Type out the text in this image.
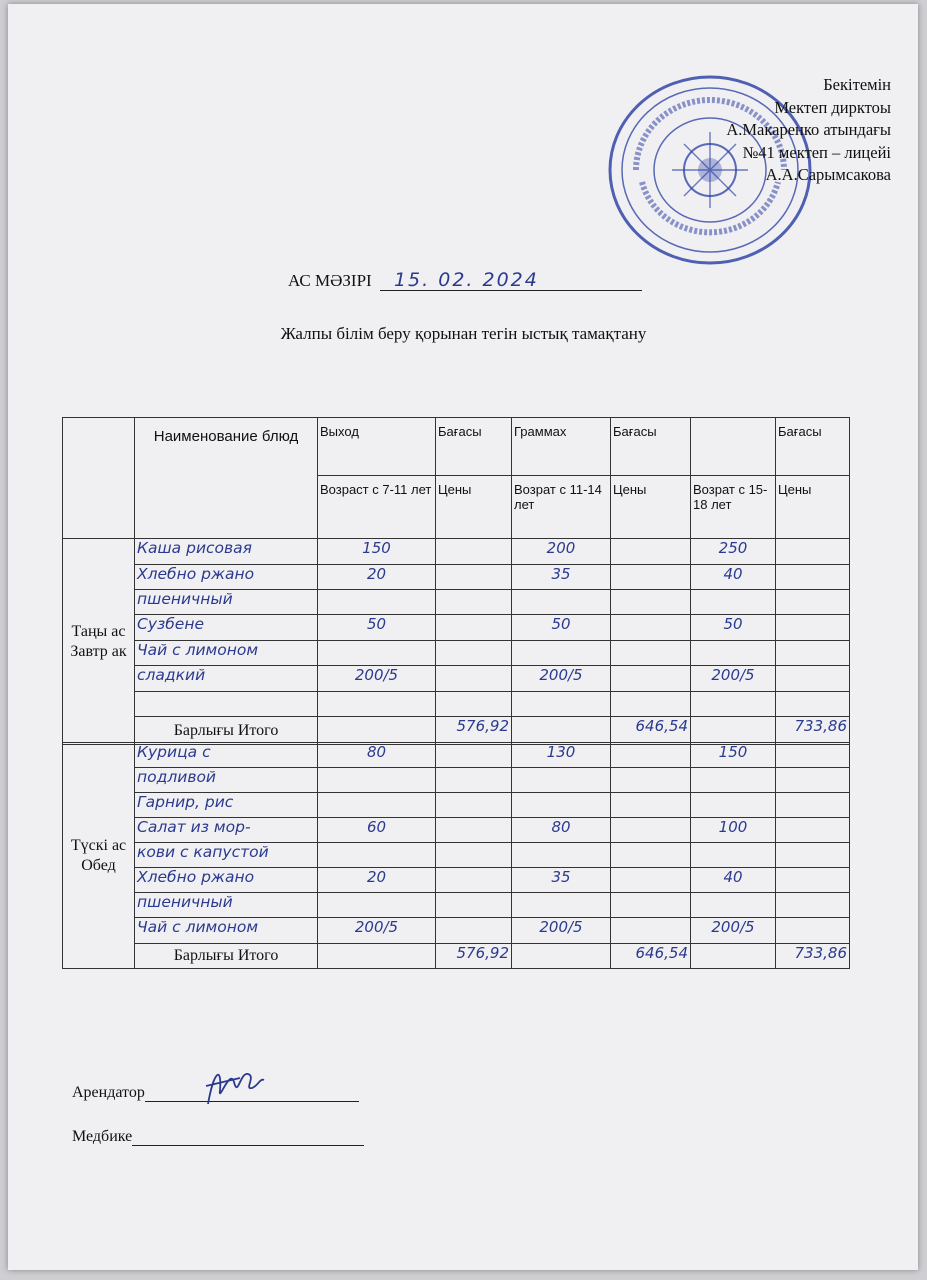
Бекітемін
Мектеп дирктоы
А.Макаренко атындағы
№41 мектеп – лицейі
А.А.Сарымсакова
АС МӘЗІРІ 15. 02. 2024
Жалпы білім беру қорынан тегін ыстық тамақтану
	Наименование блюд	Выход	Бағасы	Граммах	Бағасы		Бағасы
		Возраст с 7-11 лет	Цены	Возрат с 11-14 лет	Цены	Возрат с 15-18 лет	Цены
Таңы ас Завтр ак	Каша рисовая	150		200		250	
	Хлебно ржано	20		35		40	
	пшеничный						
	Сузбене	50		50		50	
	Чай с лимоном						
	сладкий	200/5		200/5		200/5	

	Барлығы Итого		576,92		646,54		733,86
Түскі ас Обед	Курица с	80		130		150	
	подливой						
	Гарнир, рис						
	Салат из мор-	60		80		100	
	кови с капустой						
	Хлебно ржано	20		35		40	
	пшеничный						
	Чай с лимоном	200/5		200/5		200/5	
	Барлығы Итого		576,92		646,54		733,86
Арендатор
Медбике
